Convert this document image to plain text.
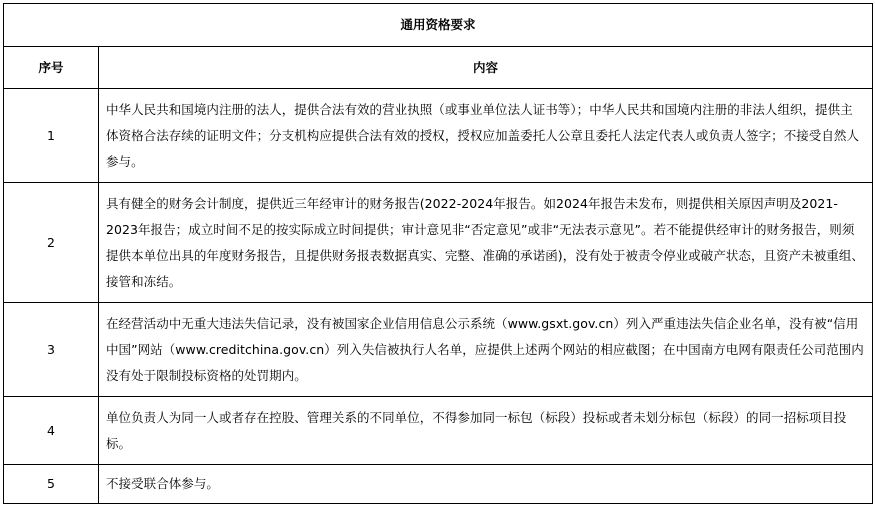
通用资格要求	
序号	内容
1	中华人民共和国境内注册的法人，提供合法有效的营业执照（或事业单位法人证书等）；中华人民共和国境内注册的非法人组织，提供主体资格合法存续的证明文件；分支机构应提供合法有效的授权，授权应加盖委托人公章且委托人法定代表人或负责人签字；不接受自然人参与。
2	具有健全的财务会计制度，提供近三年经审计的财务报告(2022-2024年报告。如2024年报告未发布，则提供相关原因声明及2021-2023年报告；成立时间不足的按实际成立时间提供；审计意见非“否定意见”或非“无法表示意见”。若不能提供经审计的财务报告，则须提供本单位出具的年度财务报告，且提供财务报表数据真实、完整、准确的承诺函)，没有处于被责令停业或破产状态，且资产未被重组、接管和冻结。
3	在经营活动中无重大违法失信记录，没有被国家企业信用信息公示系统（www.gsxt.gov.cn）列入严重违法失信企业名单，没有被“信用中国”网站（www.creditchina.gov.cn）列入失信被执行人名单，应提供上述两个网站的相应截图；在中国南方电网有限责任公司范围内没有处于限制投标资格的处罚期内。
4	单位负责人为同一人或者存在控股、管理关系的不同单位，不得参加同一标包（标段）投标或者未划分标包（标段）的同一招标项目投标。
5	不接受联合体参与。
